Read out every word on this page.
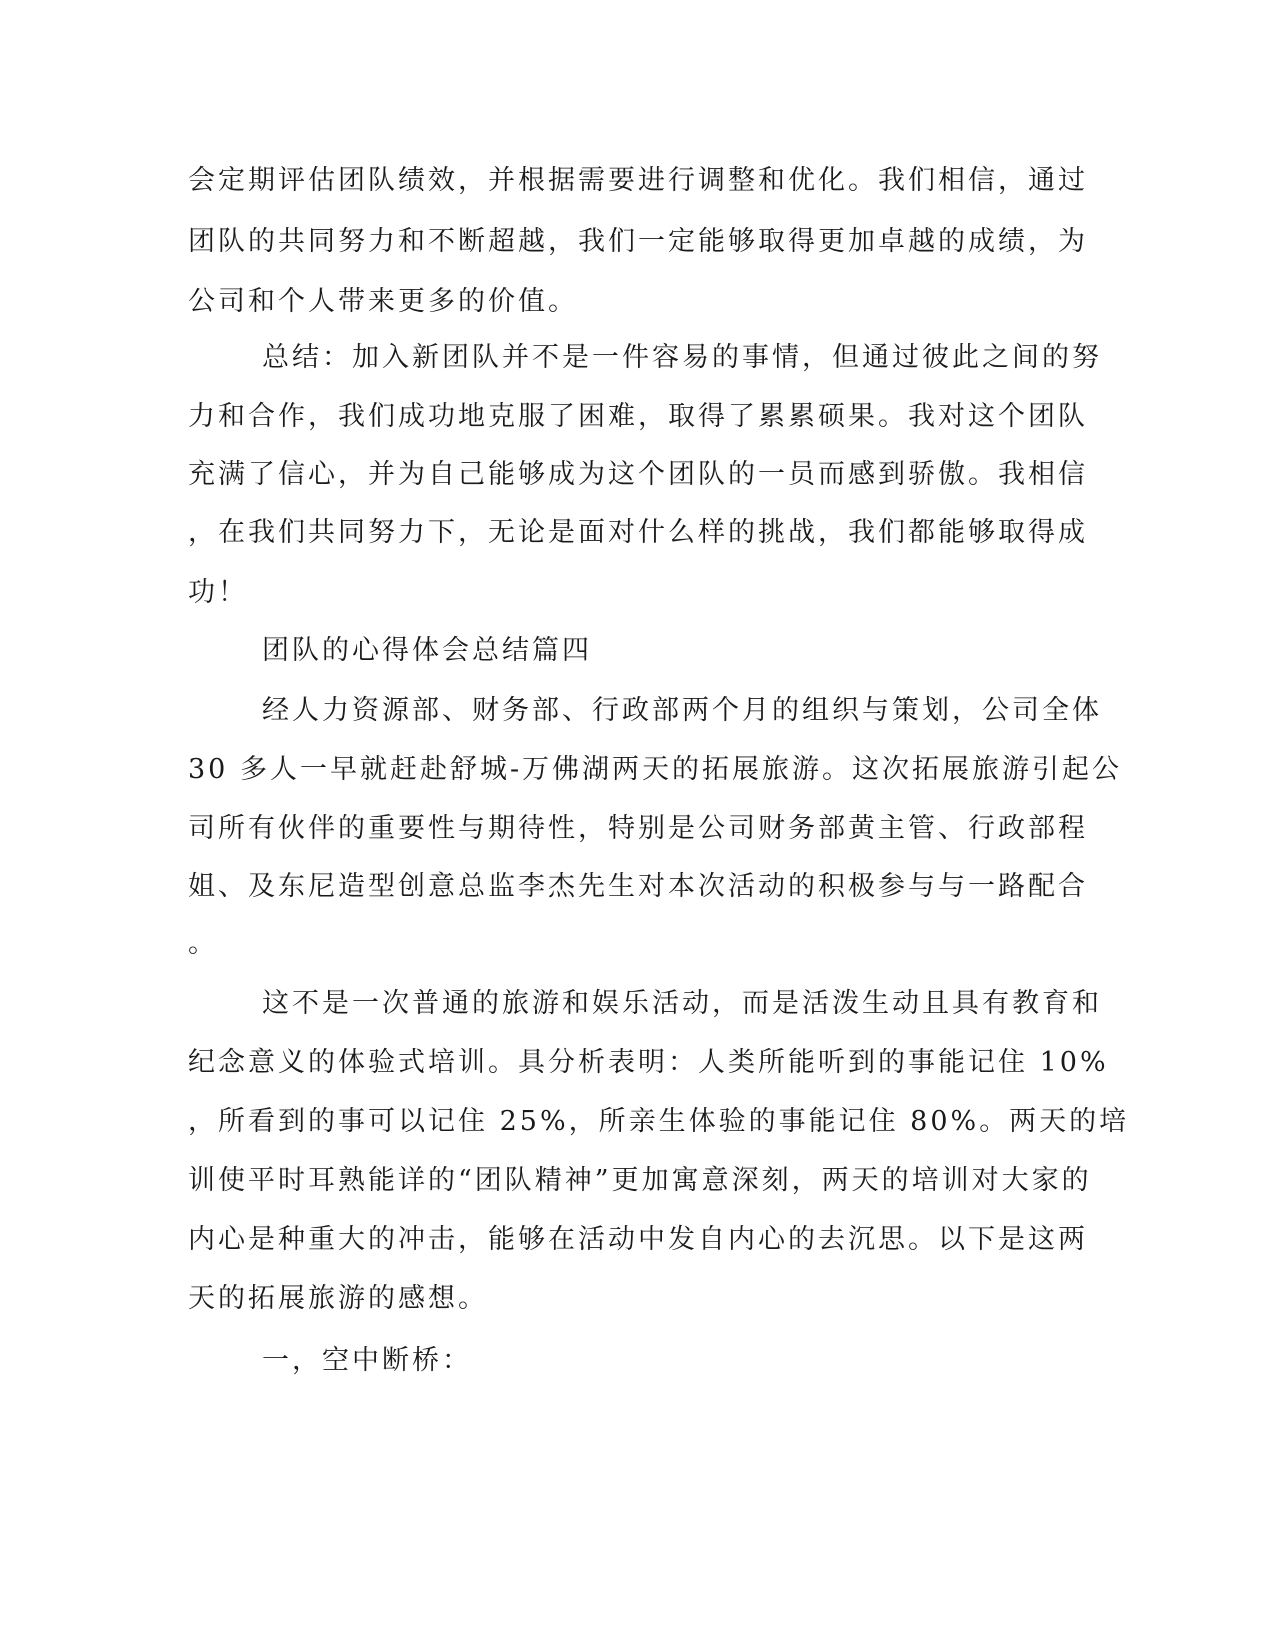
会定期评估团队绩效，并根据需要进行调整和优化。我们相信，通过
团队的共同努力和不断超越，我们一定能够取得更加卓越的成绩，为
公司和个人带来更多的价值。
总结：加入新团队并不是一件容易的事情，但通过彼此之间的努
力和合作，我们成功地克服了困难，取得了累累硕果。我对这个团队
充满了信心，并为自己能够成为这个团队的一员而感到骄傲。我相信
，在我们共同努力下，无论是面对什么样的挑战，我们都能够取得成
功！
团队的心得体会总结篇四
经人力资源部、财务部、行政部两个月的组织与策划，公司全体
30 多人一早就赶赴舒城-万佛湖两天的拓展旅游。这次拓展旅游引起公
司所有伙伴的重要性与期待性，特别是公司财务部黄主管、行政部程
姐、及东尼造型创意总监李杰先生对本次活动的积极参与与一路配合
。
这不是一次普通的旅游和娱乐活动，而是活泼生动且具有教育和
纪念意义的体验式培训。具分析表明：人类所能听到的事能记住 10%
，所看到的事可以记住 25%，所亲生体验的事能记住 80%。两天的培
训使平时耳熟能详的“团队精神”更加寓意深刻，两天的培训对大家的
内心是种重大的冲击，能够在活动中发自内心的去沉思。以下是这两
天的拓展旅游的感想。
一，空中断桥：
